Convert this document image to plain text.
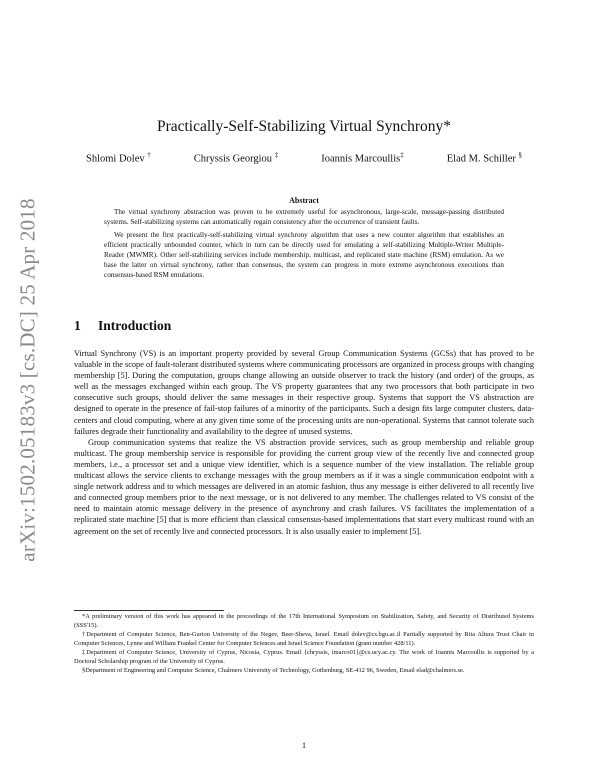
arXiv:1502.05183v3 [cs.DC] 25 Apr 2018
Practically-Self-Stabilizing Virtual Synchrony*
Shlomi Dolev †	Chryssis Georgiou ‡	Ioannis Marcoullis‡	Elad M. Schiller §
Abstract

The virtual synchrony abstraction was proven to be extremely useful for asynchronous, large-scale, message-passing distributed systems. Self-stabilizing systems can automatically regain consistency after the occurrence of transient faults.

We present the first practically-self-stabilizing virtual synchrony algorithm that uses a new counter algorithm that establishes an efficient practically unbounded counter, which in turn can be directly used for emulating a self-stabilizing Multiple-Writer Multiple-Reader (MWMR). Other self-stabilizing services include membership, multicast, and replicated state machine (RSM) emulation. As we base the latter on virtual synchrony, rather than consensus, the system can progress in more extreme asynchronous executions than consensus-based RSM emulations.

1 Introduction

Virtual Synchrony (VS) is an important property provided by several Group Communication Systems (GCSs) that has proved to be valuable in the scope of fault-tolerant distributed systems where communicating processors are organized in process groups with changing membership [5]. During the computation, groups change allowing an outside observer to track the history (and order) of the groups, as well as the messages exchanged within each group. The VS property guarantees that any two processors that both participate in two consecutive such groups, should deliver the same messages in their respective group. Systems that support the VS abstraction are designed to operate in the presence of fail-stop failures of a minority of the participants. Such a design fits large computer clusters, data-centers and cloud computing, where at any given time some of the processing units are non-operational. Systems that cannot tolerate such failures degrade their functionality and availability to the degree of unused systems.

Group communication systems that realize the VS abstraction provide services, such as group membership and reliable group multicast. The group membership service is responsible for providing the current group view of the recently live and connected group members, i.e., a processor set and a unique view identifier, which is a sequence number of the view installation. The reliable group multicast allows the service clients to exchange messages with the group members as if it was a single communication endpoint with a single network address and to which messages are delivered in an atomic fashion, thus any message is either delivered to all recently live and connected group members prior to the next message, or is not delivered to any member. The challenges related to VS consist of the need to maintain atomic message delivery in the presence of asynchrony and crash failures. VS facilitates the implementation of a replicated state machine [5] that is more efficient than classical consensus-based implementations that start every multicast round with an agreement on the set of recently live and connected processors. It is also usually easier to implement [5].

*A preliminary version of this work has appeared in the proceedings of the 17th International Symposium on Stabilization, Safety, and Security of Distributed Systems (SSS'15).

†Department of Computer Science, Ben-Gurion University of the Negev, Beer-Sheva, Israel. Email dolev@cs.bgu.ac.il Partially supported by Rita Altura Trust Chair in Computer Sciences, Lynne and William Frankel Center for Computer Sciences and Israel Science Foundation (grant number 428/11).

‡Department of Computer Science, University of Cyprus, Nicosia, Cyprus. Email {chryssis, imarco01}@cs.ucy.ac.cy. The work of Ioannis Marcoullis is supported by a Doctoral Scholarship program of the University of Cyprus.

§Department of Engineering and Computer Science, Chalmers University of Technology, Gothenburg, SE-412 96, Sweden, Email elad@chalmers.se.

1
